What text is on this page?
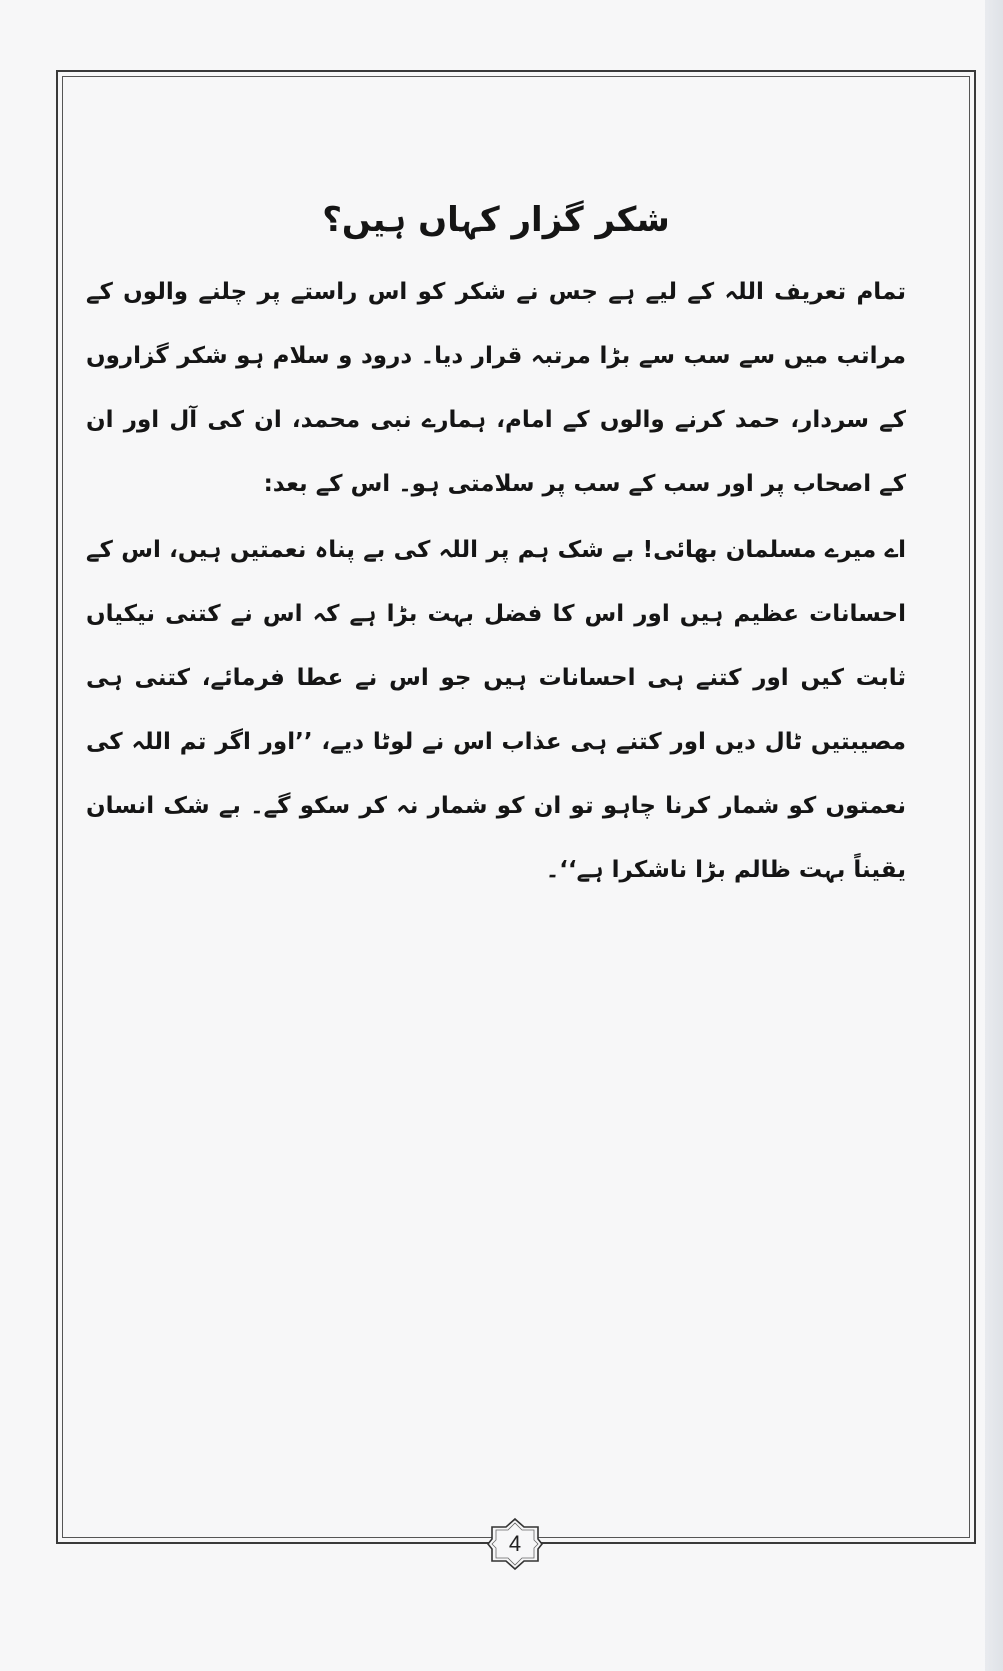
شکر گزار کہاں ہیں؟

تمام تعریف اللہ کے لیے ہے جس نے شکر کو اس راستے پر چلنے والوں کے مراتب میں سے سب سے بڑا مرتبہ قرار دیا۔ درود و سلام ہو شکر گزاروں کے سردار، حمد کرنے والوں کے امام، ہمارے نبی محمد، ان کی آل اور ان کے اصحاب پر اور سب کے سب پر سلامتی ہو۔ اس کے بعد:

اے میرے مسلمان بھائی! بے شک ہم پر اللہ کی بے پناہ نعمتیں ہیں، اس کے احسانات عظیم ہیں اور اس کا فضل بہت بڑا ہے کہ اس نے کتنی نیکیاں ثابت کیں اور کتنے ہی احسانات ہیں جو اس نے عطا فرمائے، کتنی ہی مصیبتیں ٹال دیں اور کتنے ہی عذاب اس نے لوٹا دیے، ’’اور اگر تم اللہ کی نعمتوں کو شمار کرنا چاہو تو ان کو شمار نہ کر سکو گے۔ بے شک انسان یقیناً بہت ظالم بڑا ناشکرا ہے‘‘۔

4
